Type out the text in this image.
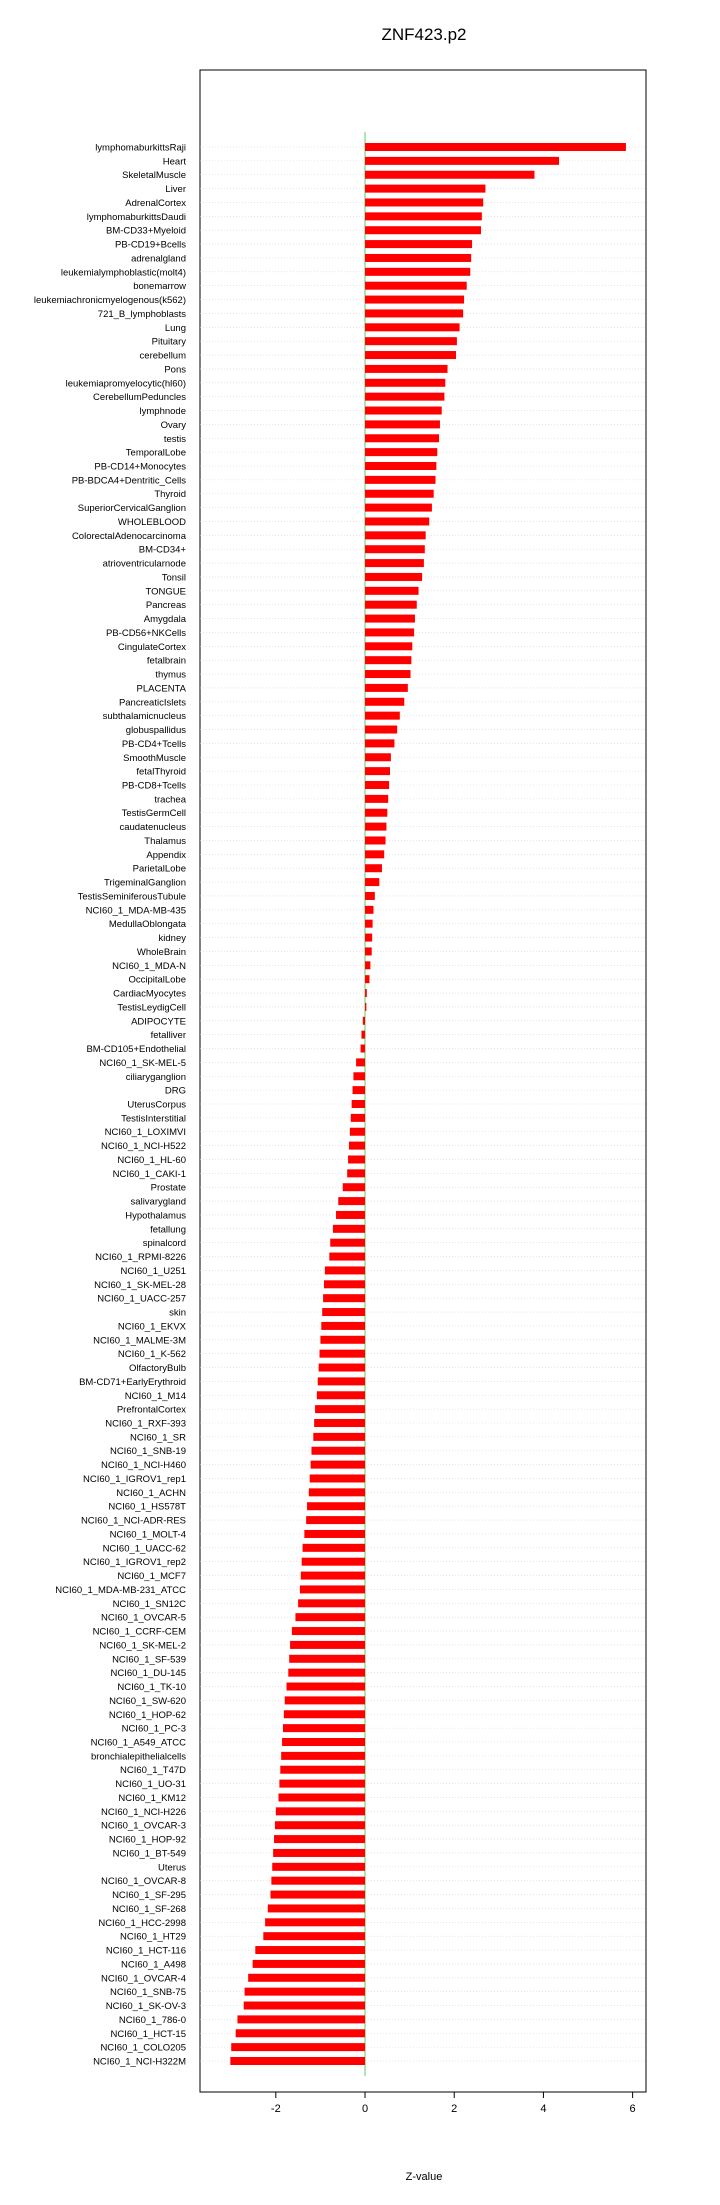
ZNF423.p2
lymphomaburkittsRaji
Heart
SkeletalMuscle
Liver
AdrenalCortex
lymphomaburkittsDaudi
BM-CD33+Myeloid
PB-CD19+Bcells
adrenalgland
leukemialymphoblastic(molt4)
bonemarrow
leukemiachronicmyelogenous(k562)
721_B_lymphoblasts
Lung
Pituitary
cerebellum
Pons
leukemiapromyelocytic(hl60)
CerebellumPeduncles
lymphnode
Ovary
testis
TemporalLobe
PB-CD14+Monocytes
PB-BDCA4+Dentritic_Cells
Thyroid
SuperiorCervicalGanglion
WHOLEBLOOD
ColorectalAdenocarcinoma
BM-CD34+
atrioventricularnode
Tonsil
TONGUE
Pancreas
Amygdala
PB-CD56+NKCells
CingulateCortex
fetalbrain
thymus
PLACENTA
PancreaticIslets
subthalamicnucleus
globuspallidus
PB-CD4+Tcells
SmoothMuscle
fetalThyroid
PB-CD8+Tcells
trachea
TestisGermCell
caudatenucleus
Thalamus
Appendix
ParietalLobe
TrigeminalGanglion
TestisSeminiferousTubule
NCI60_1_MDA-MB-435
MedullaOblongata
kidney
WholeBrain
NCI60_1_MDA-N
OccipitalLobe
CardiacMyocytes
TestisLeydigCell
ADIPOCYTE
fetalliver
BM-CD105+Endothelial
NCI60_1_SK-MEL-5
ciliaryganglion
DRG
UterusCorpus
TestisInterstitial
NCI60_1_LOXIMVI
NCI60_1_NCI-H522
NCI60_1_HL-60
NCI60_1_CAKI-1
Prostate
salivarygland
Hypothalamus
fetallung
spinalcord
NCI60_1_RPMI-8226
NCI60_1_U251
NCI60_1_SK-MEL-28
NCI60_1_UACC-257
skin
NCI60_1_EKVX
NCI60_1_MALME-3M
NCI60_1_K-562
OlfactoryBulb
BM-CD71+EarlyErythroid
NCI60_1_M14
PrefrontalCortex
NCI60_1_RXF-393
NCI60_1_SR
NCI60_1_SNB-19
NCI60_1_NCI-H460
NCI60_1_IGROV1_rep1
NCI60_1_ACHN
NCI60_1_HS578T
NCI60_1_NCI-ADR-RES
NCI60_1_MOLT-4
NCI60_1_UACC-62
NCI60_1_IGROV1_rep2
NCI60_1_MCF7
NCI60_1_MDA-MB-231_ATCC
NCI60_1_SN12C
NCI60_1_OVCAR-5
NCI60_1_CCRF-CEM
NCI60_1_SK-MEL-2
NCI60_1_SF-539
NCI60_1_DU-145
NCI60_1_TK-10
NCI60_1_SW-620
NCI60_1_HOP-62
NCI60_1_PC-3
NCI60_1_A549_ATCC
bronchialepithelialcells
NCI60_1_T47D
NCI60_1_UO-31
NCI60_1_KM12
NCI60_1_NCI-H226
NCI60_1_OVCAR-3
NCI60_1_HOP-92
NCI60_1_BT-549
Uterus
NCI60_1_OVCAR-8
NCI60_1_SF-295
NCI60_1_SF-268
NCI60_1_HCC-2998
NCI60_1_HT29
NCI60_1_HCT-116
NCI60_1_A498
NCI60_1_OVCAR-4
NCI60_1_SNB-75
NCI60_1_SK-OV-3
NCI60_1_786-0
NCI60_1_HCT-15
NCI60_1_COLO205
NCI60_1_NCI-H322M
-2	0	2	4	6
Z-value
